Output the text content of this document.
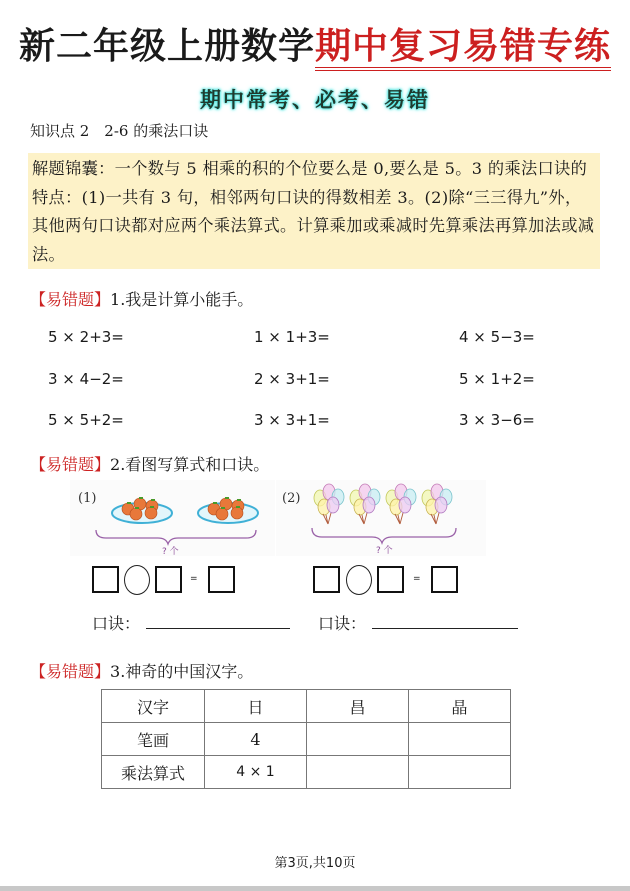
新二年级上册数学期中复习易错专练
期中常考、必考、易错
知识点 2　2-6 的乘法口诀
解题锦囊：一个数与 5 相乘的积的个位要么是 0,要么是 5。3 的乘法口诀的特点：(1)一共有 3 句，相邻两句口诀的得数相差 3。(2)除“三三得九”外，其他两句口诀都对应两个乘法算式。计算乘加或乘减时先算乘法再算加法或减法。
【易错题】1.我是计算小能手。
5 × 2+3=	1 × 1+3=	4 × 5−3=
3 × 4−2=	2 × 3+1=	5 × 1+2=
5 × 5+2=	3 × 3+1=	3 × 3−6=
【易错题】2.看图写算式和口诀。
(1)
? 个
(2)
? 个
=
口诀：
=
口诀：
【易错题】3.神奇的中国汉字。
汉字	日	昌	晶
笔画	4		
乘法算式	4 × 1		
第3页,共10页
